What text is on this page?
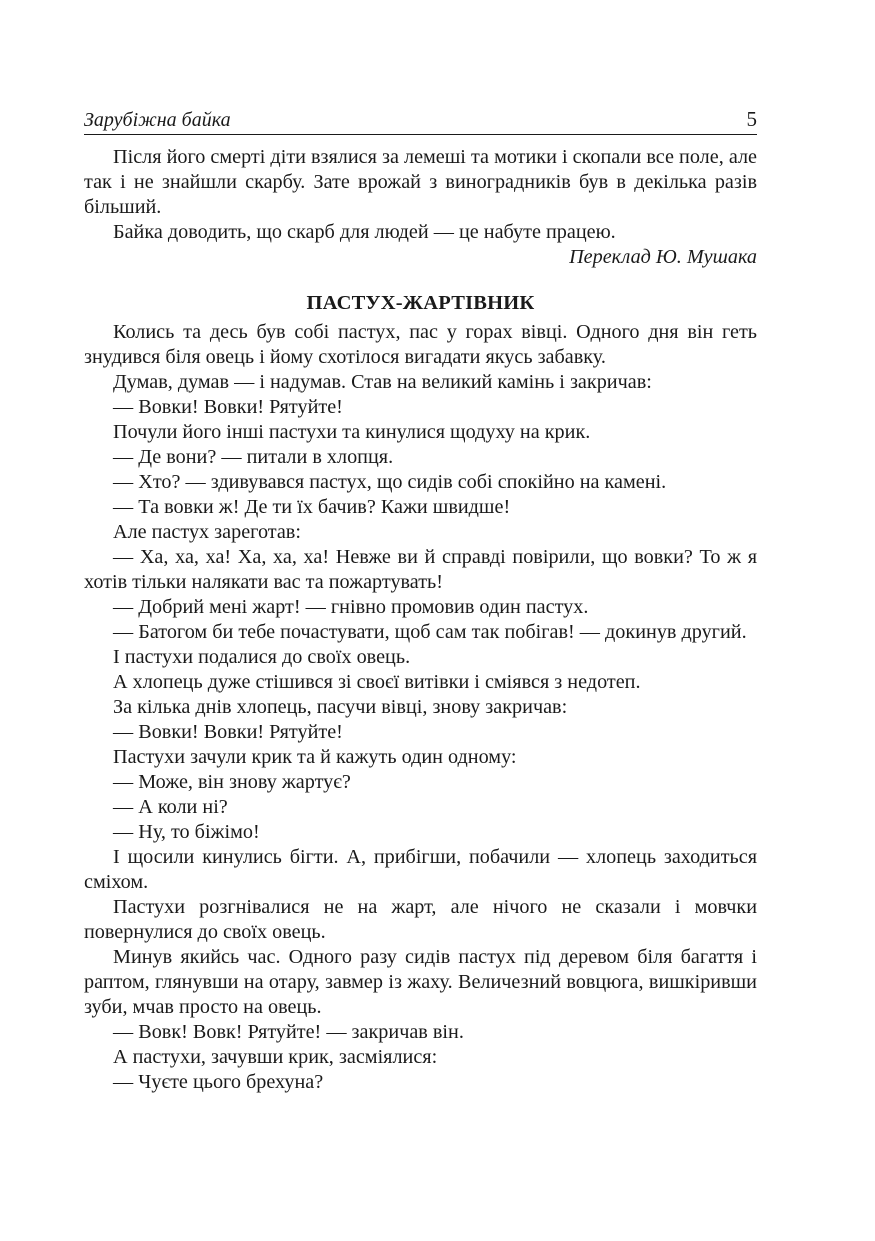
Зарубіжна байка	5

Після його смерті діти взялися за лемеші та мотики і скопали все поле, але так і не знайшли скарбу. Зате врожай з виноградників був в декілька разів більший.

Байка доводить, що скарб для людей — це набуте працею.

Переклад Ю. Мушака

ПАСТУХ-ЖАРТІВНИК

Колись та десь був собі пастух, пас у горах вівці. Одного дня він геть знудився біля овець і йому схотілося вигадати якусь забавку.

Думав, думав — і надумав. Став на великий камінь і закричав:

— Вовки! Вовки! Рятуйте!

Почули його інші пастухи та кинулися щодуху на крик.

— Де вони? — питали в хлопця.

— Хто? — здивувався пастух, що сидів собі спокійно на камені.

— Та вовки ж! Де ти їх бачив? Кажи швидше!

Але пастух зареготав:

— Ха, ха, ха! Ха, ха, ха! Невже ви й справді повірили, що вовки? То ж я хотів тільки налякати вас та пожартувать!

— Добрий мені жарт! — гнівно промовив один пастух.

— Батогом би тебе почастувати, щоб сам так побігав! — докинув другий.

І пастухи подалися до своїх овець.

А хлопець дуже стішився зі своєї витівки і сміявся з недотеп.

За кілька днів хлопець, пасучи вівці, знову закричав:

— Вовки! Вовки! Рятуйте!

Пастухи зачули крик та й кажуть один одному:

— Може, він знову жартує?

— А коли ні?

— Ну, то біжімо!

І щосили кинулись бігти. А, прибігши, побачили — хлопець заходиться сміхом.

Пастухи розгнівалися не на жарт, але нічого не сказали і мовчки повернулися до своїх овець.

Минув якийсь час. Одного разу сидів пастух під деревом біля багаття і раптом, глянувши на отару, завмер із жаху. Величезний вовцюга, вишкіривши зуби, мчав просто на овець.

— Вовк! Вовк! Рятуйте! — закричав він.

А пастухи, зачувши крик, засміялися:

— Чуєте цього брехуна?
